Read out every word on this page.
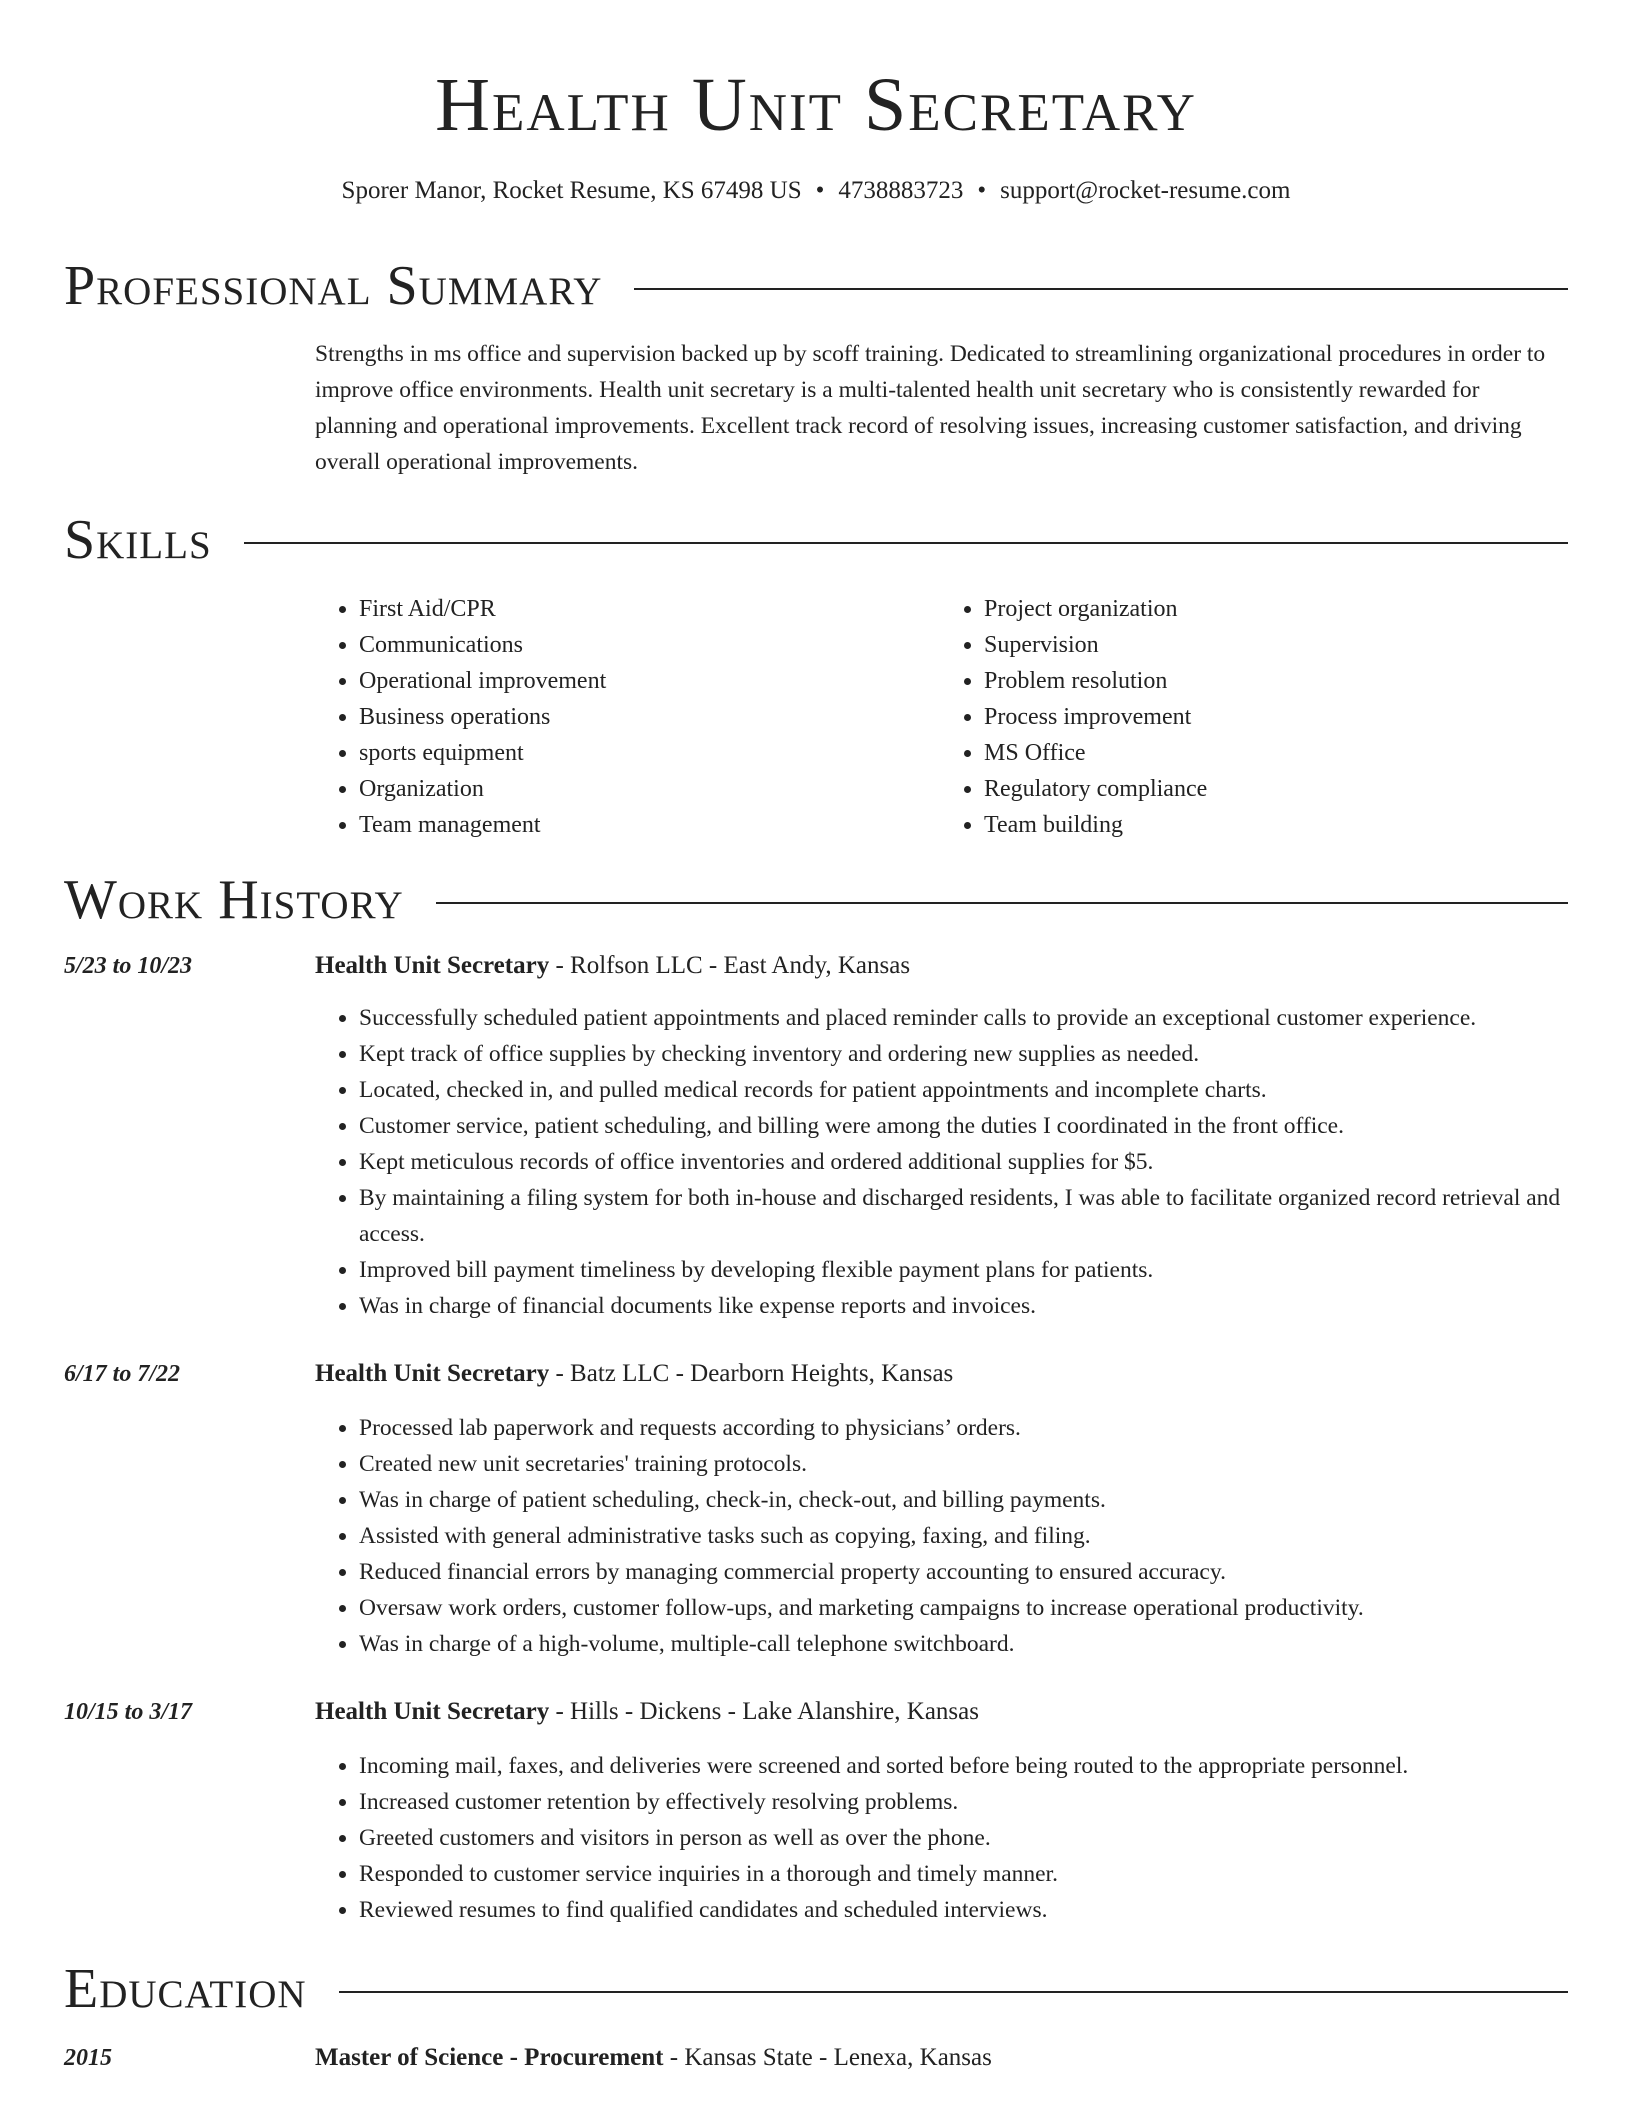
Health Unit Secretary
Sporer Manor, Rocket Resume, KS 67498 US • 4738883723 • support@rocket-resume.com
Professional Summary
Strengths in ms office and supervision backed up by scoff training. Dedicated to streamlining organizational procedures in order to improve office environments. Health unit secretary is a multi-talented health unit secretary who is consistently rewarded for planning and operational improvements. Excellent track record of resolving issues, increasing customer satisfaction, and driving overall operational improvements.
Skills
• First Aid/CPR
• Communications
• Operational improvement
• Business operations
• sports equipment
• Organization
• Team management
• Project organization
• Supervision
• Problem resolution
• Process improvement
• MS Office
• Regulatory compliance
• Team building
Work History
5/23 to 10/23	Health Unit Secretary - Rolfson LLC - East Andy, Kansas
• Successfully scheduled patient appointments and placed reminder calls to provide an exceptional customer experience.
• Kept track of office supplies by checking inventory and ordering new supplies as needed.
• Located, checked in, and pulled medical records for patient appointments and incomplete charts.
• Customer service, patient scheduling, and billing were among the duties I coordinated in the front office.
• Kept meticulous records of office inventories and ordered additional supplies for $5.
• By maintaining a filing system for both in-house and discharged residents, I was able to facilitate organized record retrieval and access.
• Improved bill payment timeliness by developing flexible payment plans for patients.
• Was in charge of financial documents like expense reports and invoices.
6/17 to 7/22	Health Unit Secretary - Batz LLC - Dearborn Heights, Kansas
• Processed lab paperwork and requests according to physicians’ orders.
• Created new unit secretaries' training protocols.
• Was in charge of patient scheduling, check-in, check-out, and billing payments.
• Assisted with general administrative tasks such as copying, faxing, and filing.
• Reduced financial errors by managing commercial property accounting to ensured accuracy.
• Oversaw work orders, customer follow-ups, and marketing campaigns to increase operational productivity.
• Was in charge of a high-volume, multiple-call telephone switchboard.
10/15 to 3/17	Health Unit Secretary - Hills - Dickens - Lake Alanshire, Kansas
• Incoming mail, faxes, and deliveries were screened and sorted before being routed to the appropriate personnel.
• Increased customer retention by effectively resolving problems.
• Greeted customers and visitors in person as well as over the phone.
• Responded to customer service inquiries in a thorough and timely manner.
• Reviewed resumes to find qualified candidates and scheduled interviews.
Education
2015	Master of Science - Procurement - Kansas State - Lenexa, Kansas
